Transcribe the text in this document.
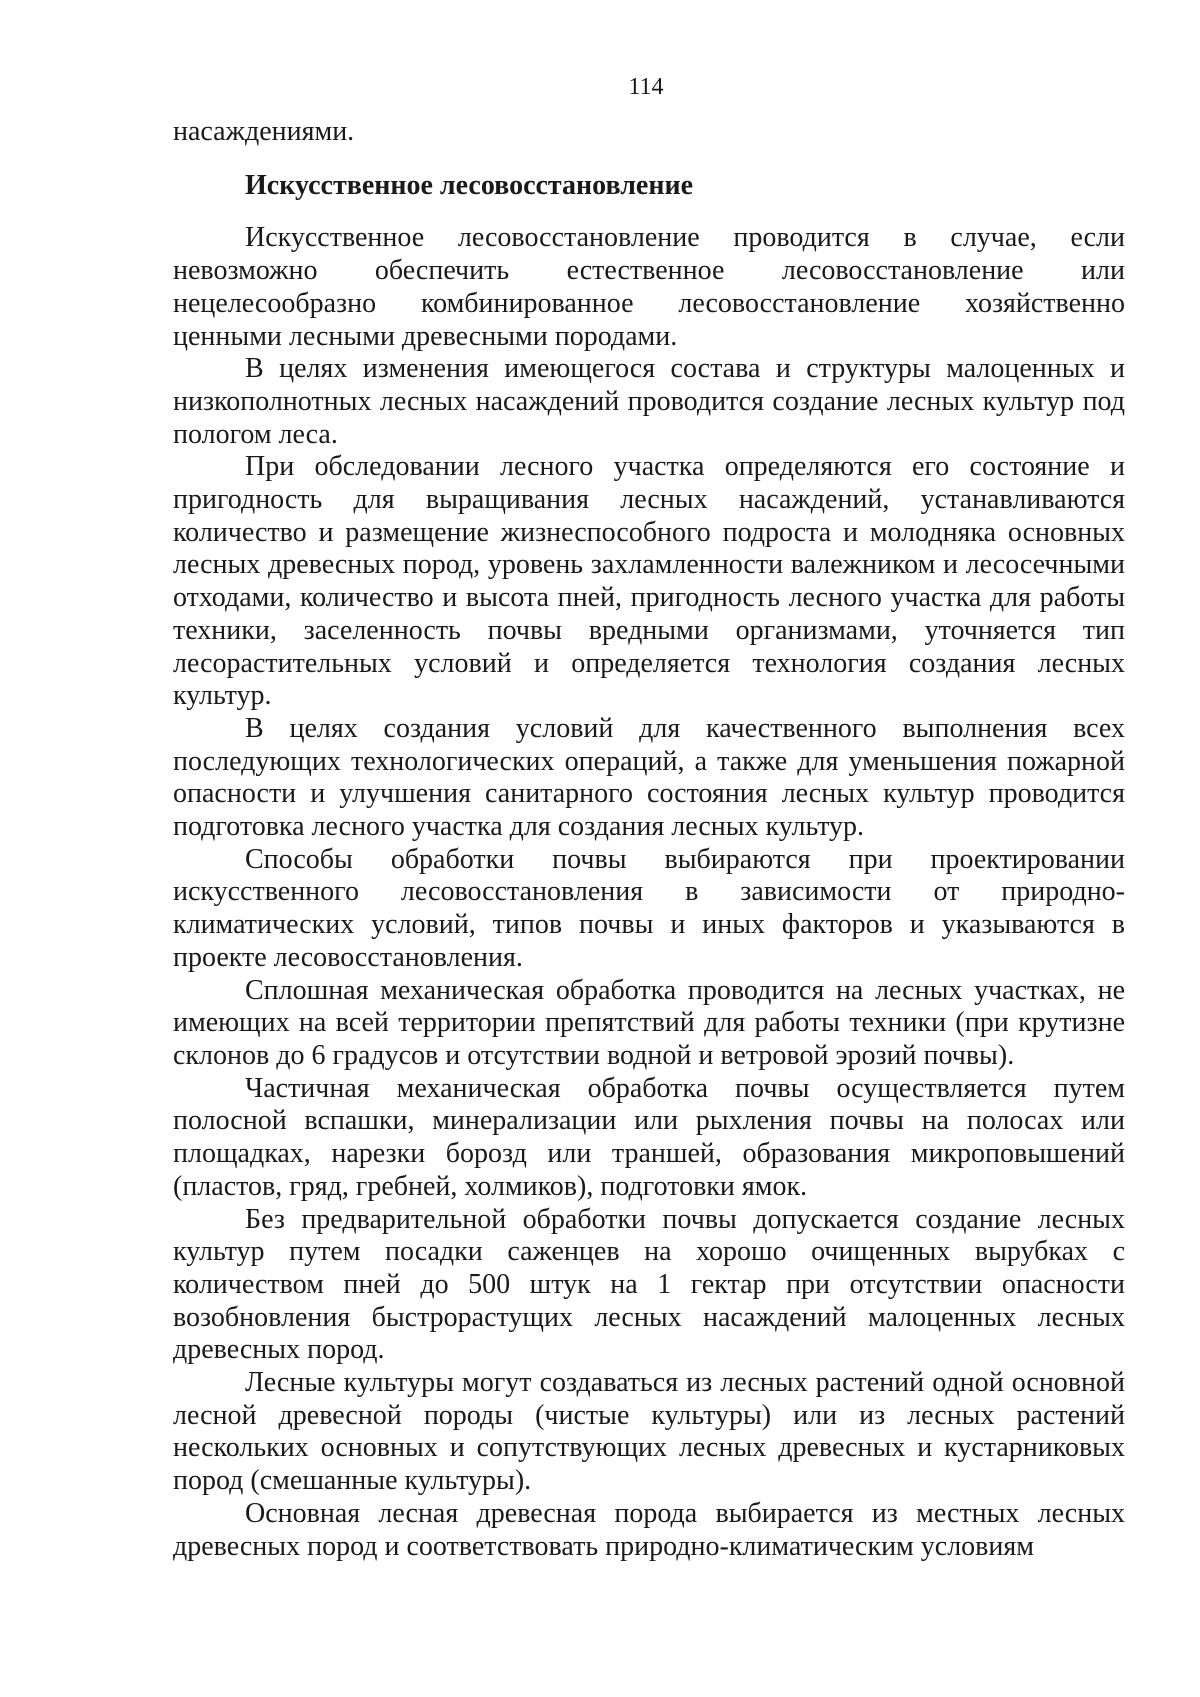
114

насаждениями.

Искусственное лесовосстановление

Искусственное лесовосстановление проводится в случае, если невозможно обеспечить естественное лесовосстановление или нецелесообразно комбинированное лесовосстановление хозяйственно ценными лесными древесными породами.

В целях изменения имеющегося состава и структуры малоценных и низкополнотных лесных насаждений проводится создание лесных культур под пологом леса.

При обследовании лесного участка определяются его состояние и пригодность для выращивания лесных насаждений, устанавливаются количество и размещение жизнеспособного подроста и молодняка основных лесных древесных пород, уровень захламленности валежником и лесосечными отходами, количество и высота пней, пригодность лесного участка для работы техники, заселенность почвы вредными организмами, уточняется тип лесорастительных условий и определяется технология создания лесных культур.

В целях создания условий для качественного выполнения всех последующих технологических операций, а также для уменьшения пожарной опасности и улучшения санитарного состояния лесных культур проводится подготовка лесного участка для создания лесных культур.

Способы обработки почвы выбираются при проектировании искусственного лесовосстановления в зависимости от природно-климатических условий, типов почвы и иных факторов и указываются в проекте лесовосстановления.

Сплошная механическая обработка проводится на лесных участках, не имеющих на всей территории препятствий для работы техники (при крутизне склонов до 6 градусов и отсутствии водной и ветровой эрозий почвы).

Частичная механическая обработка почвы осуществляется путем полосной вспашки, минерализации или рыхления почвы на полосах или площадках, нарезки борозд или траншей, образования микроповышений (пластов, гряд, гребней, холмиков), подготовки ямок.

Без предварительной обработки почвы допускается создание лесных культур путем посадки саженцев на хорошо очищенных вырубках с количеством пней до 500 штук на 1 гектар при отсутствии опасности возобновления быстрорастущих лесных насаждений малоценных лесных древесных пород.

Лесные культуры могут создаваться из лесных растений одной основной лесной древесной породы (чистые культуры) или из лесных растений нескольких основных и сопутствующих лесных древесных и кустарниковых пород (смешанные культуры).

Основная лесная древесная порода выбирается из местных лесных древесных пород и соответствовать природно-климатическим условиям
